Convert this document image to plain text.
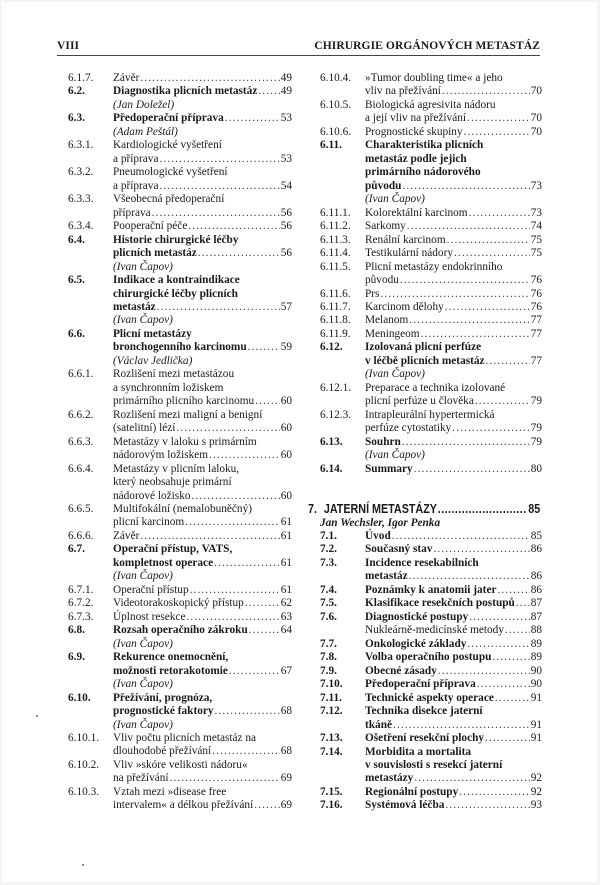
VIII	CHIRURGIE ORGÁNOVÝCH METASTÁZ
6.1.7. Závěr .....	49
6.2. Diagnostika plicních metastáz ..... 49
(Jan Doležel)
6.3. Předoperační příprava .....	53
(Adam Peštál)
6.3.1. Kardiologické vyšetření
a příprava .....	53
6.3.2. Pneumologické vyšetření
a příprava .....	54
6.3.3. Všeobecná předoperační
příprava .....	56
6.3.4. Pooperační péče .....	56
6.4. Historie chirurgické léčby
plicních metastáz .....	56
(Ivan Čapov)
6.5. Indikace a kontraindikace
chirurgické léčby plicních
metastáz .....	57
(Ivan Čapov)
6.6. Plicní metastázy
bronchogenního karcinomu .....	59
(Václav Jedlička)
6.6.1. Rozlišení mezi metastázou
a synchronním ložiskem
primárního plicního karcinomu ..... 60
6.6.2. Rozlišení mezi maligní a benigní
(satelitní) lézí .....	60
6.6.3. Metastázy v laloku s primárním
nádorovým ložiskem .....	60
6.6.4. Metastázy v plicním laloku,
který neobsahuje primární
nádorové ložisko .....	60
6.6.5. Multifokální (nemalobuněčný)
plicní karcinom .....	61
6.6.6. Závěr .....	61
6.7. Operační přístup, VATS,
kompletnost operace .....	61
(Ivan Čapov)
6.7.1. Operační přístup .....	61
6.7.2. Videotorakoskopický přístup .....	62
6.7.3. Úplnost resekce .....	63
6.8. Rozsah operačního zákroku .....	64
(Ivan Čapov)
6.9. Rekurence onemocnění,
možnosti retorakotomie .....	67
(Ivan Čapov)
6.10. Přežívání, prognóza,
prognostické faktory .....	68
(Ivan Čapov)
6.10.1. Vliv počtu plicních metastáz na
dlouhodobé přežívání .....	68
6.10.2. Vliv »skóre velikosti nádoru«
na přežívání .....	69
6.10.3. Vztah mezi »disease free
intervalem« a délkou přežívání ..... 69
6.10.4. »Tumor doubling time« a jeho
vliv na přežívání .....	70
6.10.5. Biologická agresivita nádoru
a její vliv na přežívání .....	70
6.10.6. Prognostické skupiny .....	70
6.11. Charakteristika plicních
metastáz podle jejich
primárního nádorového
původu .....	73
(Ivan Čapov)
6.11.1. Kolorektální karcinom .....	73
6.11.2. Sarkomy .....	74
6.11.3. Renální karcinom .....	75
6.11.4. Testikulární nádory .....	75
6.11.5. Plicní metastázy endokrinního
původu .....	76
6.11.6. Prs .....	76
6.11.7. Karcinom dělohy .....	76
6.11.8. Melanom .....	77
6.11.9. Meningeom .....	77
6.12. Izolovaná plicní perfúze
v léčbě plicních metastáz .....	77
(Ivan Čapov)
6.12.1. Preparace a technika izolované
plicní perfúze u člověka .....	79
6.12.3. Intrapleurální hypertermická
perfúze cytostatiky .....	79
6.13. Souhrn .....	79
(Ivan Čapov)
6.14. Summary .....	80
7. JATERNÍ METASTÁZY .....	85
Jan Wechsler, Igor Penka
7.1. Úvod .....	85
7.2. Současný stav .....	86
7.3. Incidence resekabilních
metastáz .....	86
7.4. Poznámky k anatomii jater .....	86
7.5. Klasifikace resekčních postupů ..... 87
7.6. Diagnostické postupy .....	87
Nukleárně-medicínské metody ..... 88
7.7. Onkologické základy .....	89
7.8. Volba operačního postupu .....	89
7.9. Obecné zásady .....	90
7.10. Předoperační příprava .....	90
7.11. Technické aspekty operace .....	91
7.12. Technika disekce jaterní
tkáně .....	91
7.13. Ošetření resekční plochy .....	91
7.14. Morbidita a mortalita
v souvislosti s resekcí jaterní
metastázy .....	92
7.15. Regionální postupy .....	92
7.16. Systémová léčba .....	93
